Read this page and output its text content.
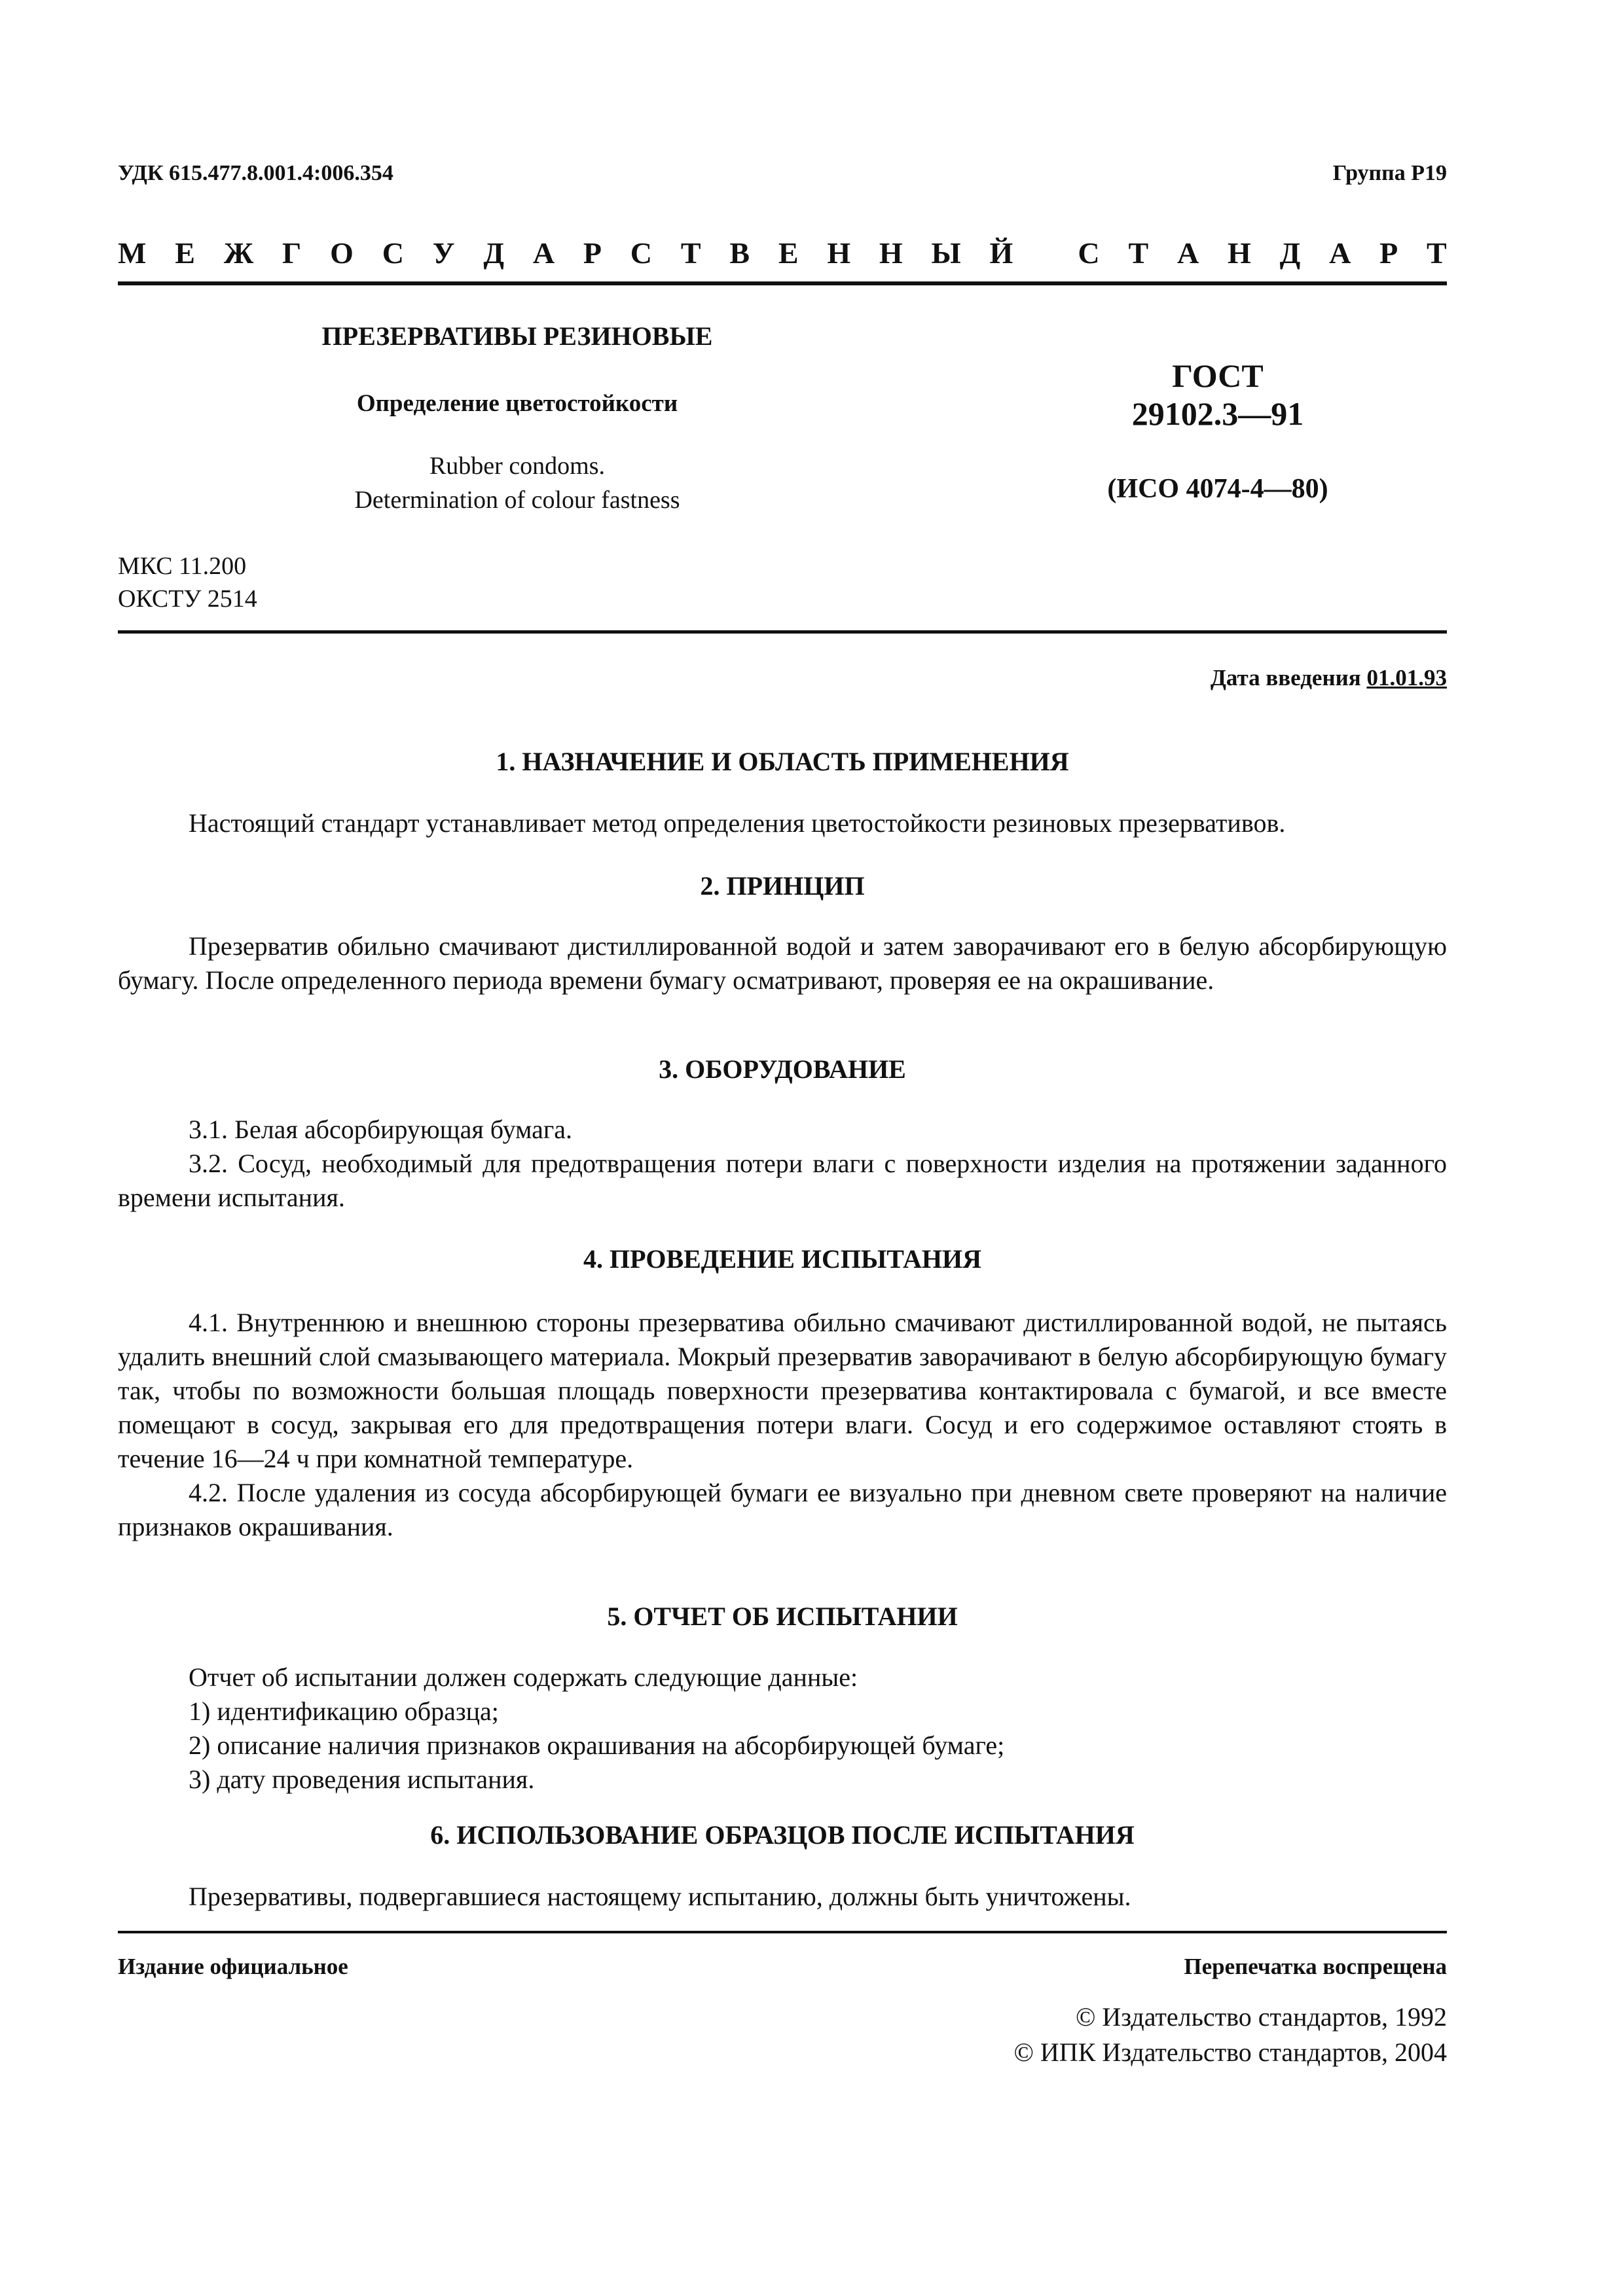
УДК 615.477.8.001.4:006.354	Группа Р19
М Е Ж Г О С У Д А Р С Т В Е Н Н Ы Й
С Т А Н Д А Р Т
ПРЕЗЕРВАТИВЫ РЕЗИНОВЫЕ
Определение цветостойкости
Rubber condoms.
Determination of colour fastness
ГОСТ
29102.3—91
(ИСО 4074-4—80)
МКС 11.200
ОКСТУ 2514
Дата введения 01.01.93
1. НАЗНАЧЕНИЕ И ОБЛАСТЬ ПРИМЕНЕНИЯ

Настоящий стандарт устанавливает метод определения цветостойкости резиновых презервативов.

2. ПРИНЦИП

Презерватив обильно смачивают дистиллированной водой и затем заворачивают его в белую абсорбирующую бумагу. После определенного периода времени бумагу осматривают, проверяя ее на окрашивание.

3. ОБОРУДОВАНИЕ

3.1. Белая абсорбирующая бумага.

3.2. Сосуд, необходимый для предотвращения потери влаги с поверхности изделия на протяжении заданного времени испытания.

4. ПРОВЕДЕНИЕ ИСПЫТАНИЯ

4.1. Внутреннюю и внешнюю стороны презерватива обильно смачивают дистиллированной водой, не пытаясь удалить внешний слой смазывающего материала. Мокрый презерватив заворачивают в белую абсорбирующую бумагу так, чтобы по возможности большая площадь поверхности презерватива контактировала с бумагой, и все вместе помещают в сосуд, закрывая его для предотвращения потери влаги. Сосуд и его содержимое оставляют стоять в течение 16—24 ч при комнатной температуре.

4.2. После удаления из сосуда абсорбирующей бумаги ее визуально при дневном свете проверяют на наличие признаков окрашивания.

5. ОТЧЕТ ОБ ИСПЫТАНИИ

Отчет об испытании должен содержать следующие данные:

1) идентификацию образца;

2) описание наличия признаков окрашивания на абсорбирующей бумаге;

3) дату проведения испытания.

6. ИСПОЛЬЗОВАНИЕ ОБРАЗЦОВ ПОСЛЕ ИСПЫТАНИЯ

Презервативы, подвергавшиеся настоящему испытанию, должны быть уничтожены.

Издание официальное	Перепечатка воспрещена
© Издательство стандартов, 1992
© ИПК Издательство стандартов, 2004
